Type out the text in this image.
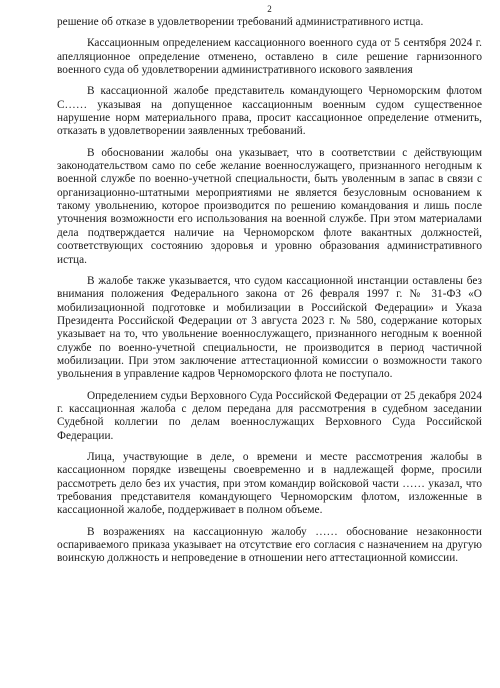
2

решение об отказе в удовлетворении требований административного истца.

Кассационным определением кассационного военного суда от 5 сентября 2024 г. апелляционное определение отменено, оставлено в силе решение гарнизонного военного суда об удовлетворении административного искового заявления

В кассационной жалобе представитель командующего Черноморским флотом С…… указывая на допущенное кассационным военным судом существенное нарушение норм материального права, просит кассационное определение отменить, отказать в удовлетворении заявленных требований.

В обосновании жалобы она указывает, что в соответствии с действующим законодательством само по себе желание военнослужащего, признанного негодным к военной службе по военно-учетной специальности, быть уволенным в запас в связи с организационно-штатными мероприятиями не является безусловным основанием к такому увольнению, которое производится по решению командования и лишь после уточнения возможности его использования на военной службе. При этом материалами дела подтверждается наличие на Черноморском флоте вакантных должностей, соответствующих состоянию здоровья и уровню образования административного истца.

В жалобе также указывается, что судом кассационной инстанции оставлены без внимания положения Федерального закона от 26 февраля 1997 г. № 31-ФЗ «О мобилизационной подготовке и мобилизации в Российской Федерации» и Указа Президента Российской Федерации от 3 августа 2023 г. № 580, содержание которых указывает на то, что увольнение военнослужащего, признанного негодным к военной службе по военно-учетной специальности, не производится в период частичной мобилизации. При этом заключение аттестационной комиссии о возможности такого увольнения в управление кадров Черноморского флота не поступало.

Определением судьи Верховного Суда Российской Федерации от 25 декабря 2024 г. кассационная жалоба с делом передана для рассмотрения в судебном заседании Судебной коллегии по делам военнослужащих Верховного Суда Российской Федерации.

Лица, участвующие в деле, о времени и месте рассмотрения жалобы в кассационном порядке извещены своевременно и в надлежащей форме, просили рассмотреть дело без их участия, при этом командир войсковой части …… указал, что требования представителя командующего Черноморским флотом, изложенные в кассационной жалобе, поддерживает в полном объеме.

В возражениях на кассационную жалобу …… обоснование незаконности оспариваемого приказа указывает на отсутствие его согласия с назначением на другую воинскую должность и непроведение в отношении него аттестационной комиссии.
